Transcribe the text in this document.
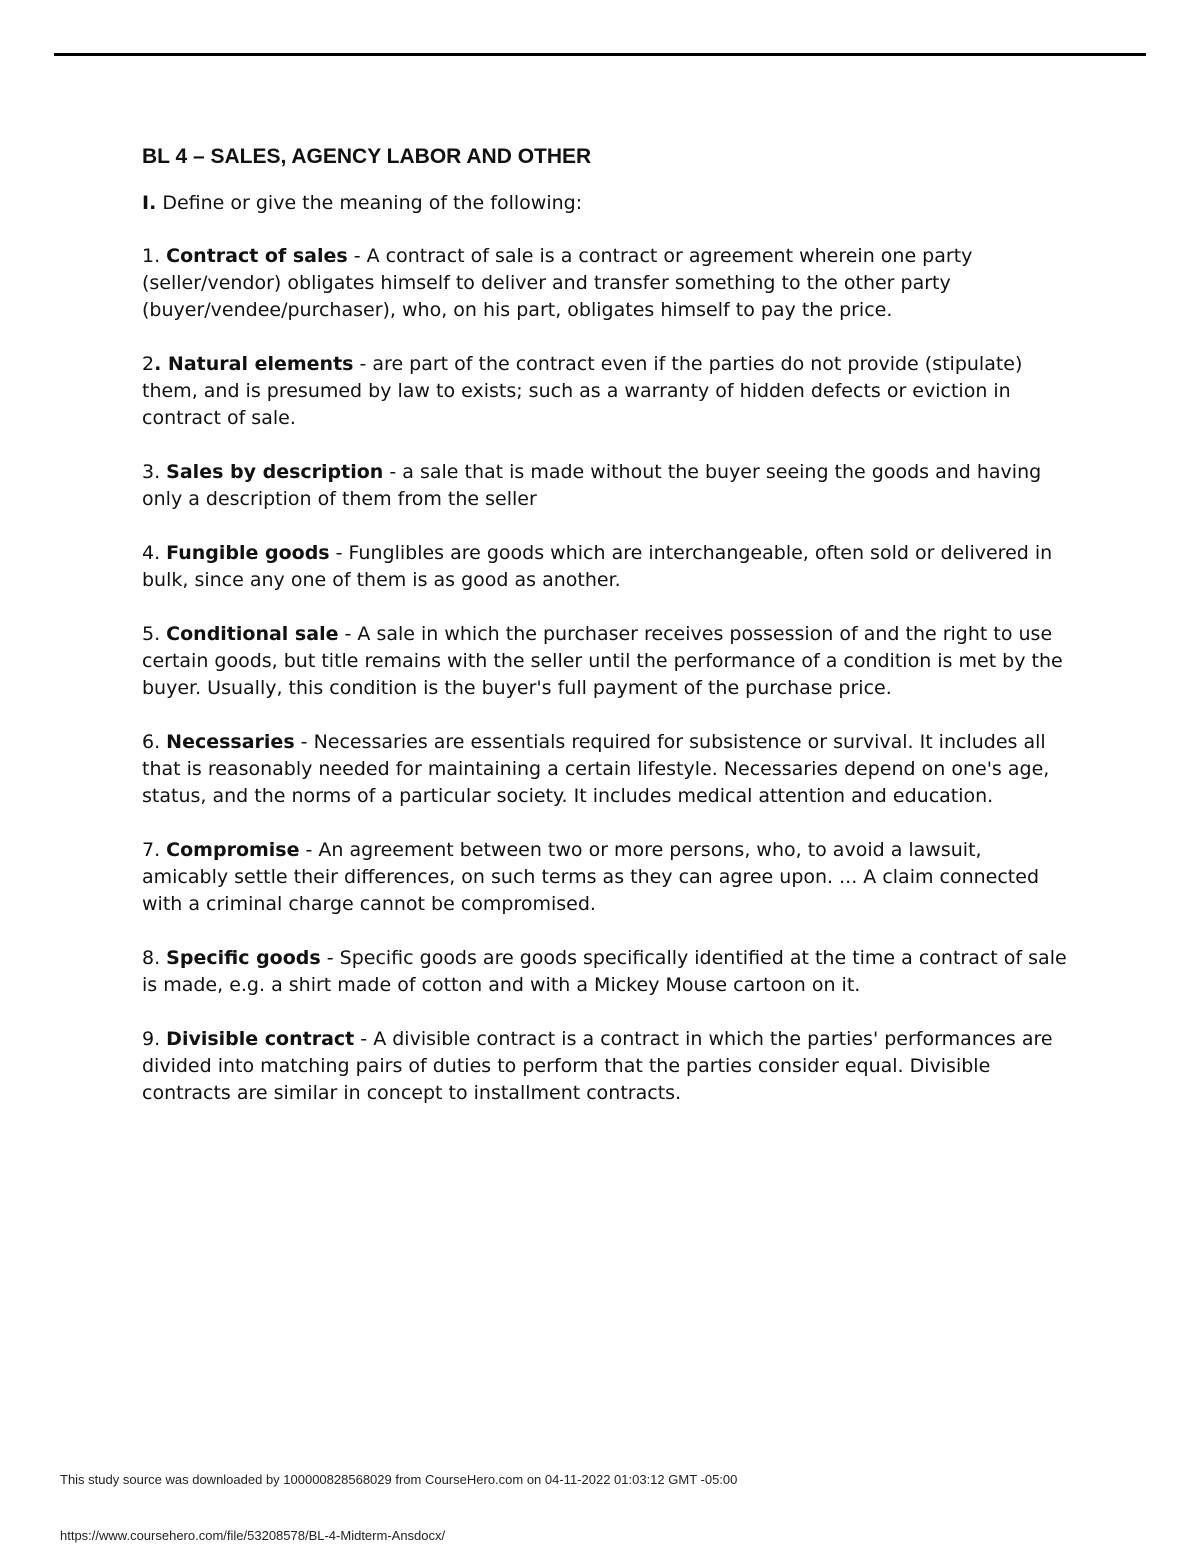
BL 4 – SALES, AGENCY LABOR AND OTHER
I. Define or give the meaning of the following:
1. Contract of sales - A contract of sale is a contract or agreement wherein one party (seller/vendor) obligates himself to deliver and transfer something to the other party (buyer/vendee/purchaser), who, on his part, obligates himself to pay the price.
2. Natural elements - are part of the contract even if the parties do not provide (stipulate) them, and is presumed by law to exists; such as a warranty of hidden defects or eviction in contract of sale.
3. Sales by description - a sale that is made without the buyer seeing the goods and having only a description of them from the seller
4. Fungible goods - Funglibles are goods which are interchangeable, often sold or delivered in bulk, since any one of them is as good as another.
5. Conditional sale - A sale in which the purchaser receives possession of and the right to use certain goods, but title remains with the seller until the performance of a condition is met by the buyer. Usually, this condition is the buyer's full payment of the purchase price.
6. Necessaries - Necessaries are essentials required for subsistence or survival. It includes all that is reasonably needed for maintaining a certain lifestyle. Necessaries depend on one's age, status, and the norms of a particular society. It includes medical attention and education.
7. Compromise - An agreement between two or more persons, who, to avoid a lawsuit, amicably settle their differences, on such terms as they can agree upon. ... A claim connected with a criminal charge cannot be compromised.
8. Specific goods - Specific goods are goods specifically identified at the time a contract of sale is made, e.g. a shirt made of cotton and with a Mickey Mouse cartoon on it.
9. Divisible contract - A divisible contract is a contract in which the parties' performances are divided into matching pairs of duties to perform that the parties consider equal. Divisible contracts are similar in concept to installment contracts.
This study source was downloaded by 100000828568029 from CourseHero.com on 04-11-2022 01:03:12 GMT -05:00
https://www.coursehero.com/file/53208578/BL-4-Midterm-Ansdocx/
